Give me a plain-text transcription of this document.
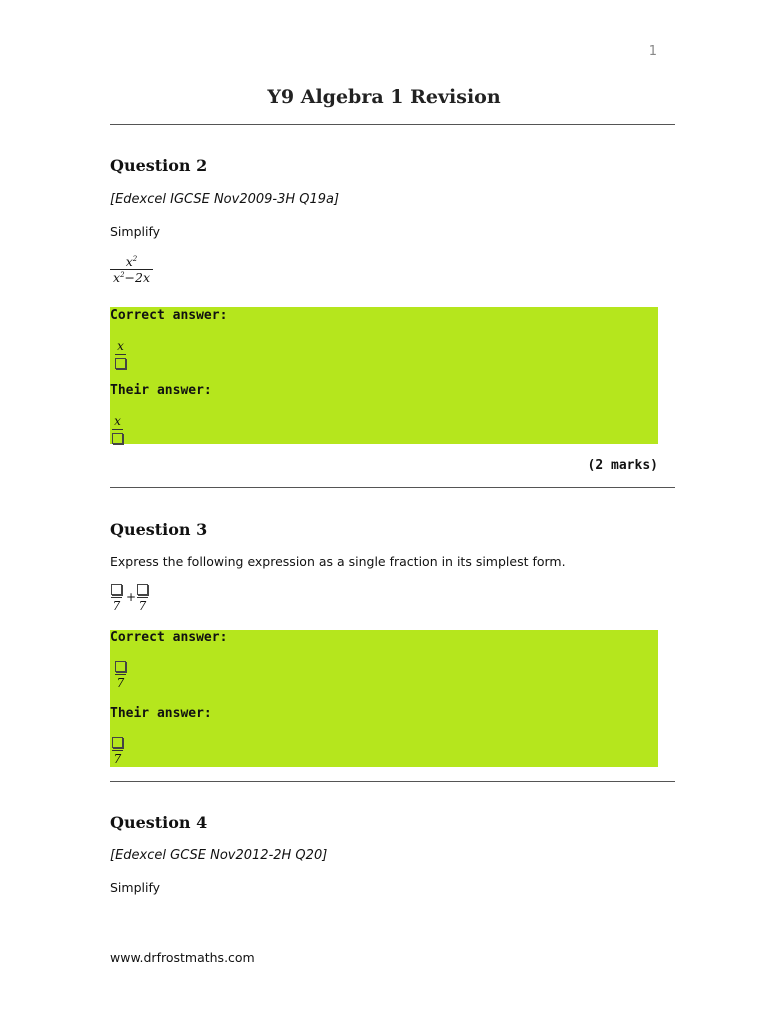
1
Y9 Algebra 1 Revision
Question 2
[Edexcel IGCSE Nov2009-3H Q19a]
Simplify
$x^2$
$x^2-2x$
Correct answer:
x
Their answer:
x
(2 marks)
Question 3
Express the following expression as a single fraction in its simplest form.
7
+
7
Correct answer:
7
Their answer:
7
Question 4
[Edexcel GCSE Nov2012-2H Q20]
Simplify
www.drfrostmaths.com
